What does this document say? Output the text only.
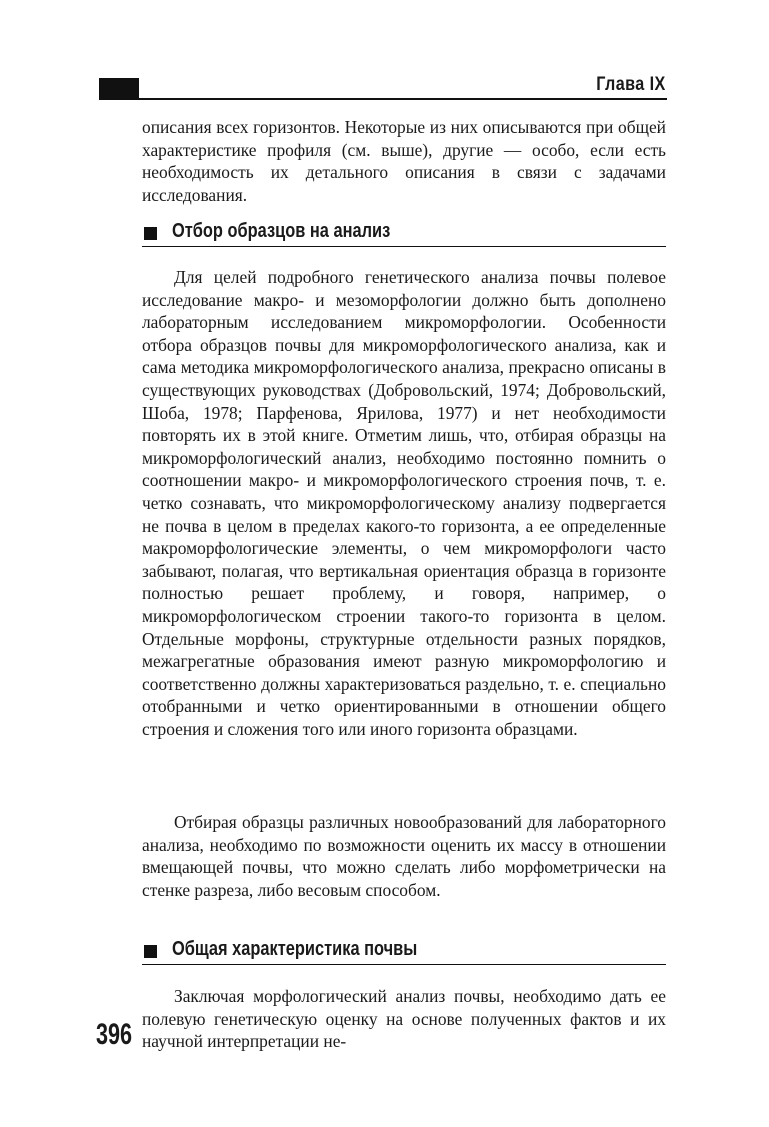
Глава IX

описания всех горизонтов. Некоторые из них описываются при общей характеристике профиля (см. выше), другие — особо, если есть необходимость их детального описания в связи с задачами исследования.

Отбор образцов на анализ

Для целей подробного генетического анализа почвы полевое исследование макро- и мезоморфологии должно быть дополнено лабораторным исследованием микроморфологии. Особенности отбора образцов почвы для микроморфологического анализа, как и сама методика микроморфологического анализа, прекрасно описаны в существующих руководствах (Добровольский, 1974; Добровольский, Шоба, 1978; Парфенова, Ярилова, 1977) и нет необходимости повторять их в этой книге. Отметим лишь, что, отбирая образцы на микроморфологический анализ, необходимо постоянно помнить о соотношении макро- и микроморфологического строения почв, т. е. четко сознавать, что микроморфологическому анализу подвергается не почва в целом в пределах какого-то горизонта, а ее определенные макроморфологические элементы, о чем микроморфологи часто забывают, полагая, что вертикальная ориентация образца в горизонте полностью решает проблему, и говоря, например, о микроморфологическом строении такого-то горизонта в целом. Отдельные морфоны, структурные отдельности разных порядков, межагрегатные образования имеют разную микроморфологию и соответственно должны характеризоваться раздельно, т. е. специально отобранными и четко ориентированными в отношении общего строения и сложения того или иного горизонта образцами.

Отбирая образцы различных новообразований для лабораторного анализа, необходимо по возможности оценить их массу в отношении вмещающей почвы, что можно сделать либо морфометрически на стенке разреза, либо весовым способом.

Общая характеристика почвы

Заключая морфологический анализ почвы, необходимо дать ее полевую генетическую оценку на основе полученных фактов и их научной интерпретации не-

396
